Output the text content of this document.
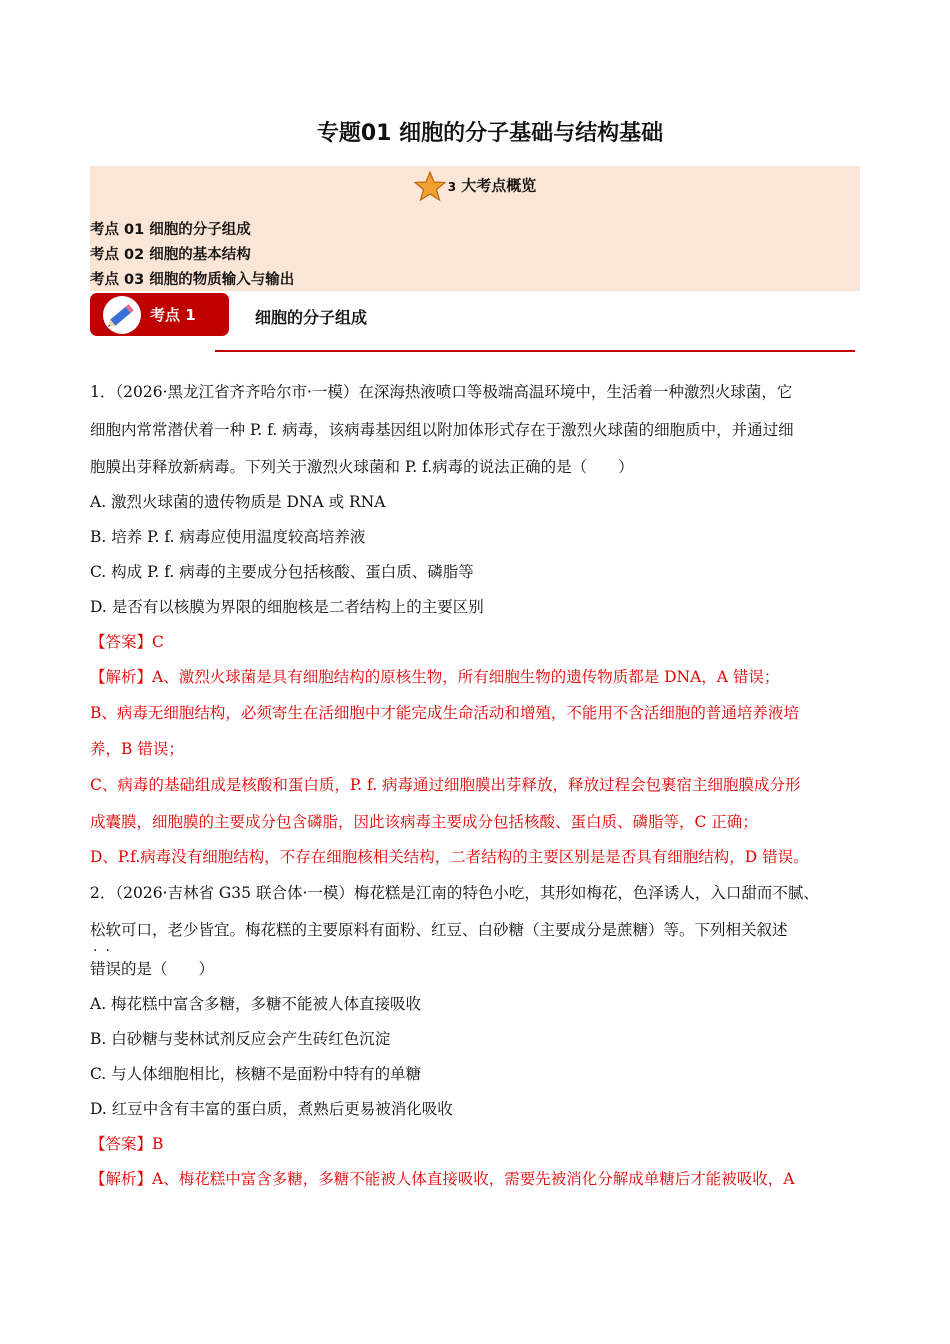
专题01 细胞的分子基础与结构基础
3 大考点概览
考点 01 细胞的分子组成
考点 02 细胞的基本结构
考点 03 细胞的物质输入与输出
考点 1	细胞的分子组成
1．（2026·黑龙江省齐齐哈尔市·一模）在深海热液喷口等极端高温环境中，生活着一种激烈火球菌，它
细胞内常常潜伏着一种 P. f. 病毒，该病毒基因组以附加体形式存在于激烈火球菌的细胞质中，并通过细
胞膜出芽释放新病毒。下列关于激烈火球菌和 P. f.病毒的说法正确的是（　　）
A. 激烈火球菌的遗传物质是 DNA 或 RNA
B. 培养 P. f. 病毒应使用温度较高培养液
C. 构成 P. f. 病毒的主要成分包括核酸、蛋白质、磷脂等
D. 是否有以核膜为界限的细胞核是二者结构上的主要区别
【答案】C
【解析】A、激烈火球菌是具有细胞结构的原核生物，所有细胞生物的遗传物质都是 DNA，A 错误；
B、病毒无细胞结构，必须寄生在活细胞中才能完成生命活动和增殖，不能用不含活细胞的普通培养液培
养，B 错误；
C、病毒的基础组成是核酸和蛋白质，P. f. 病毒通过细胞膜出芽释放，释放过程会包裹宿主细胞膜成分形
成囊膜，细胞膜的主要成分包含磷脂，因此该病毒主要成分包括核酸、蛋白质、磷脂等，C 正确；
D、P.f.病毒没有细胞结构，不存在细胞核相关结构，二者结构的主要区别是是否具有细胞结构，D 错误。
2．（2026·吉林省 G35 联合体·一模）梅花糕是江南的特色小吃，其形如梅花，色泽诱人，入口甜而不腻、
松软可口，老少皆宜。梅花糕的主要原料有面粉、红豆、白砂糖（主要成分是蔗糖）等。下列相关叙述
··
错误的是（　　）
A. 梅花糕中富含多糖，多糖不能被人体直接吸收
B. 白砂糖与斐林试剂反应会产生砖红色沉淀
C. 与人体细胞相比，核糖不是面粉中特有的单糖
D. 红豆中含有丰富的蛋白质，煮熟后更易被消化吸收
【答案】B
【解析】A、梅花糕中富含多糖，多糖不能被人体直接吸收，需要先被消化分解成单糖后才能被吸收，A
